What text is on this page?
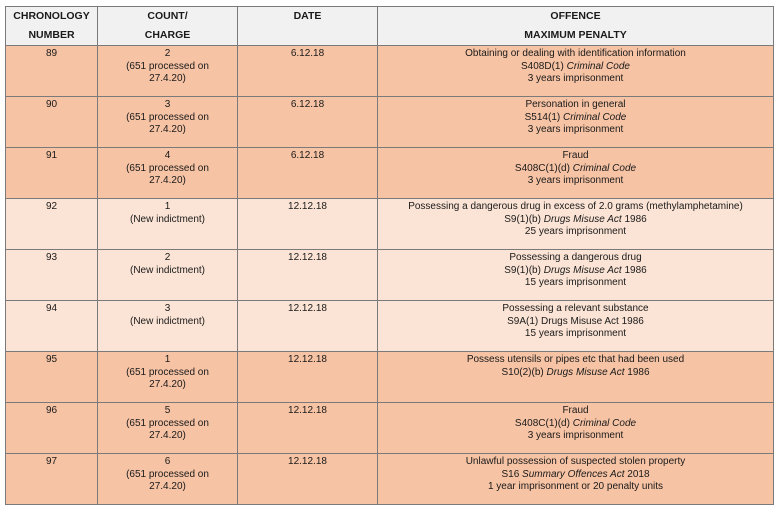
CHRONOLOGY
NUMBER	COUNT/
CHARGE	DATE	OFFENCE
MAXIMUM PENALTY

89	2
(651 processed on
27.4.20)	6.12.18	Obtaining or dealing with identification information
S408D(1) Criminal Code
3 years imprisonment

90	3
(651 processed on
27.4.20)	6.12.18	Personation in general
S514(1) Criminal Code
3 years imprisonment

91	4
(651 processed on
27.4.20)	6.12.18	Fraud
S408C(1)(d) Criminal Code
3 years imprisonment

92	1
(New indictment)	12.12.18	Possessing a dangerous drug in excess of 2.0 grams (methylamphetamine)
S9(1)(b) Drugs Misuse Act 1986
25 years imprisonment

93	2
(New indictment)	12.12.18	Possessing a dangerous drug
S9(1)(b) Drugs Misuse Act 1986
15 years imprisonment

94	3
(New indictment)	12.12.18	Possessing a relevant substance
S9A(1) Drugs Misuse Act 1986
15 years imprisonment

95	1
(651 processed on
27.4.20)	12.12.18	Possess utensils or pipes etc that had been used
S10(2)(b) Drugs Misuse Act 1986

96	5
(651 processed on
27.4.20)	12.12.18	Fraud
S408C(1)(d) Criminal Code
3 years imprisonment

97	6
(651 processed on
27.4.20)	12.12.18	Unlawful possession of suspected stolen property
S16 Summary Offences Act 2018
1 year imprisonment or 20 penalty units
